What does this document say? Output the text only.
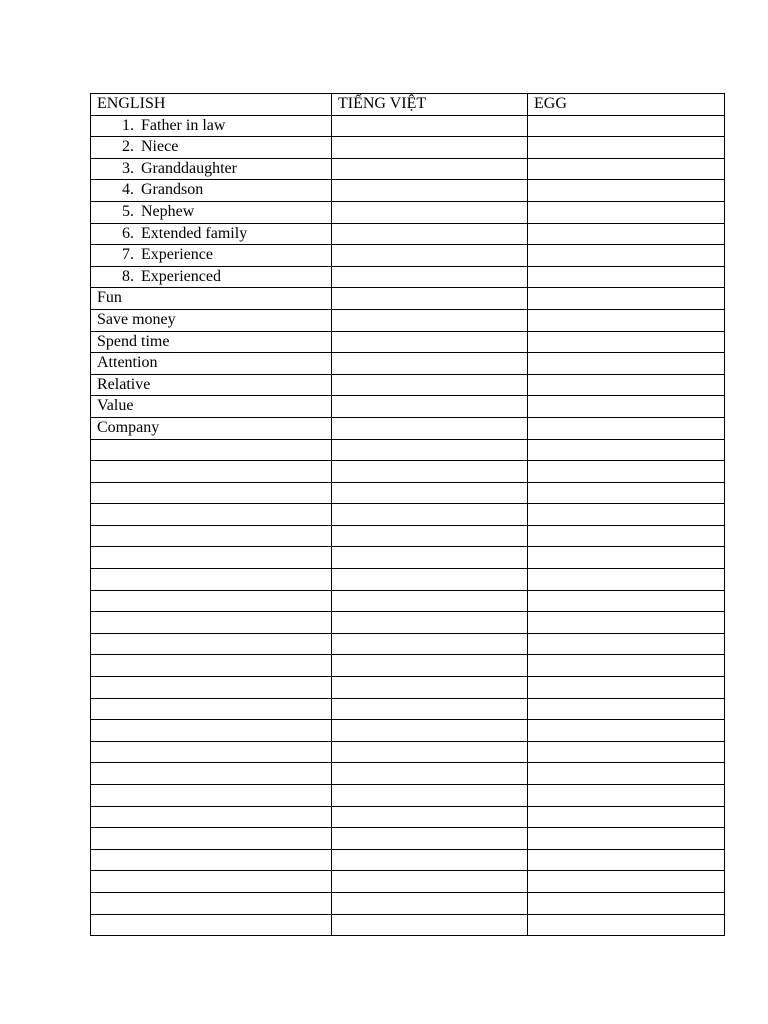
ENGLISH	TIẾNG VIỆT	EGG
1. Father in law		
2. Niece		
3. Granddaughter		
4. Grandson		
5. Nephew		
6. Extended family		
7. Experience		
8. Experienced		
Fun		
Save money		
Spend time		
Attention		
Relative		
Value		
Company		
